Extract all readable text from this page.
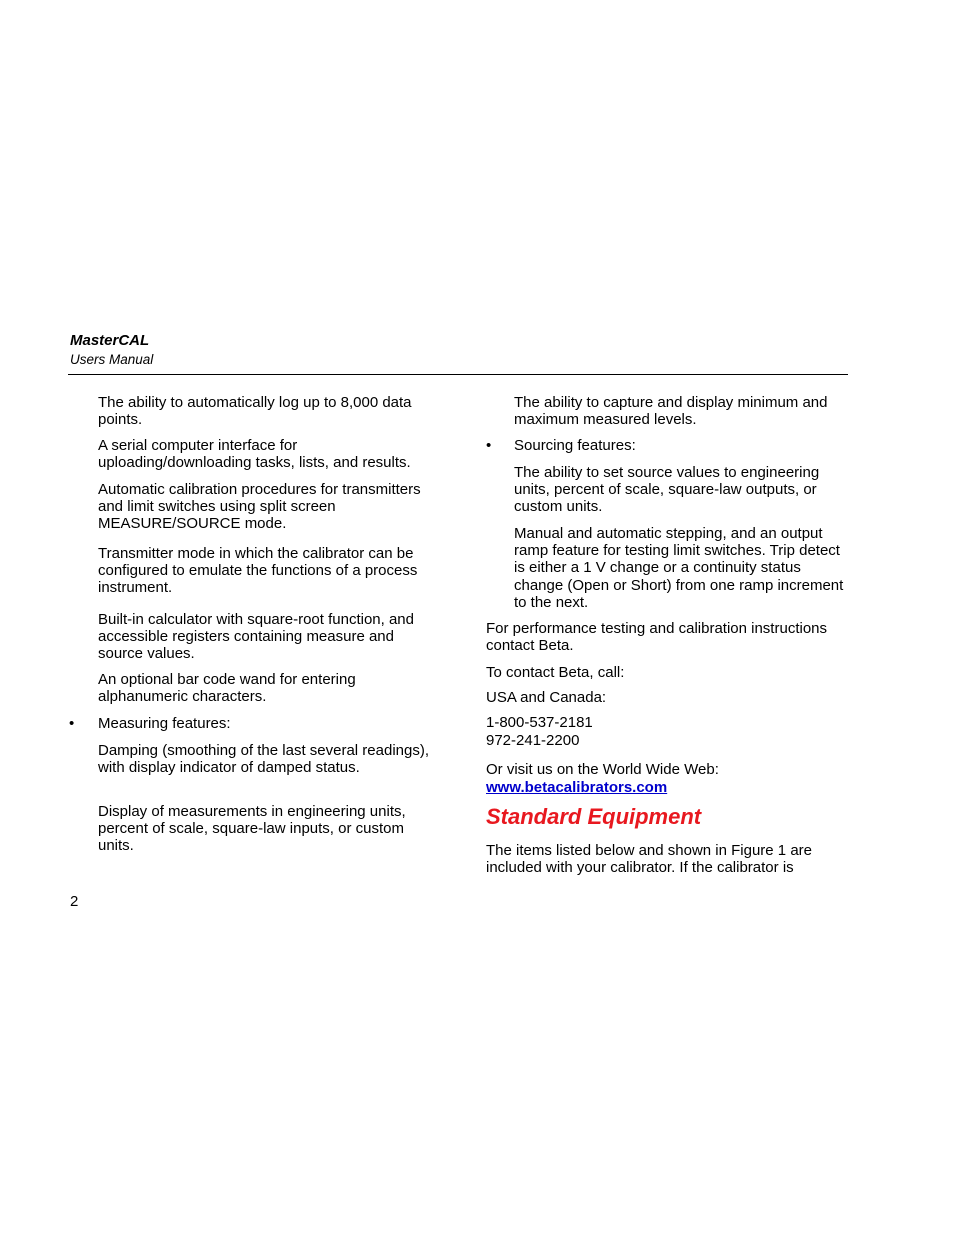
MasterCAL
Users Manual

The ability to automatically log up to 8,000 data points.

A serial computer interface for uploading/downloading tasks, lists, and results.

Automatic calibration procedures for transmitters and limit switches using split screen MEASURE/SOURCE mode.

Transmitter mode in which the calibrator can be configured to emulate the functions of a process instrument.

Built-in calculator with square-root function, and accessible registers containing measure and source values.

An optional bar code wand for entering alphanumeric characters.

• Measuring features:

Damping (smoothing of the last several readings), with display indicator of damped status.

Display of measurements in engineering units, percent of scale, square-law inputs, or custom units.

The ability to capture and display minimum and maximum measured levels.

• Sourcing features:

The ability to set source values to engineering units, percent of scale, square-law outputs, or custom units.

Manual and automatic stepping, and an output ramp feature for testing limit switches. Trip detect is either a 1 V change or a continuity status change (Open or Short) from one ramp increment to the next.

For performance testing and calibration instructions contact Beta.

To contact Beta, call:

USA and Canada:

1-800-537-2181

972-241-2200

Or visit us on the World Wide Web:

www.betacalibrators.com
Standard Equipment

The items listed below and shown in Figure 1 are included with your calibrator. If the calibrator is

2
